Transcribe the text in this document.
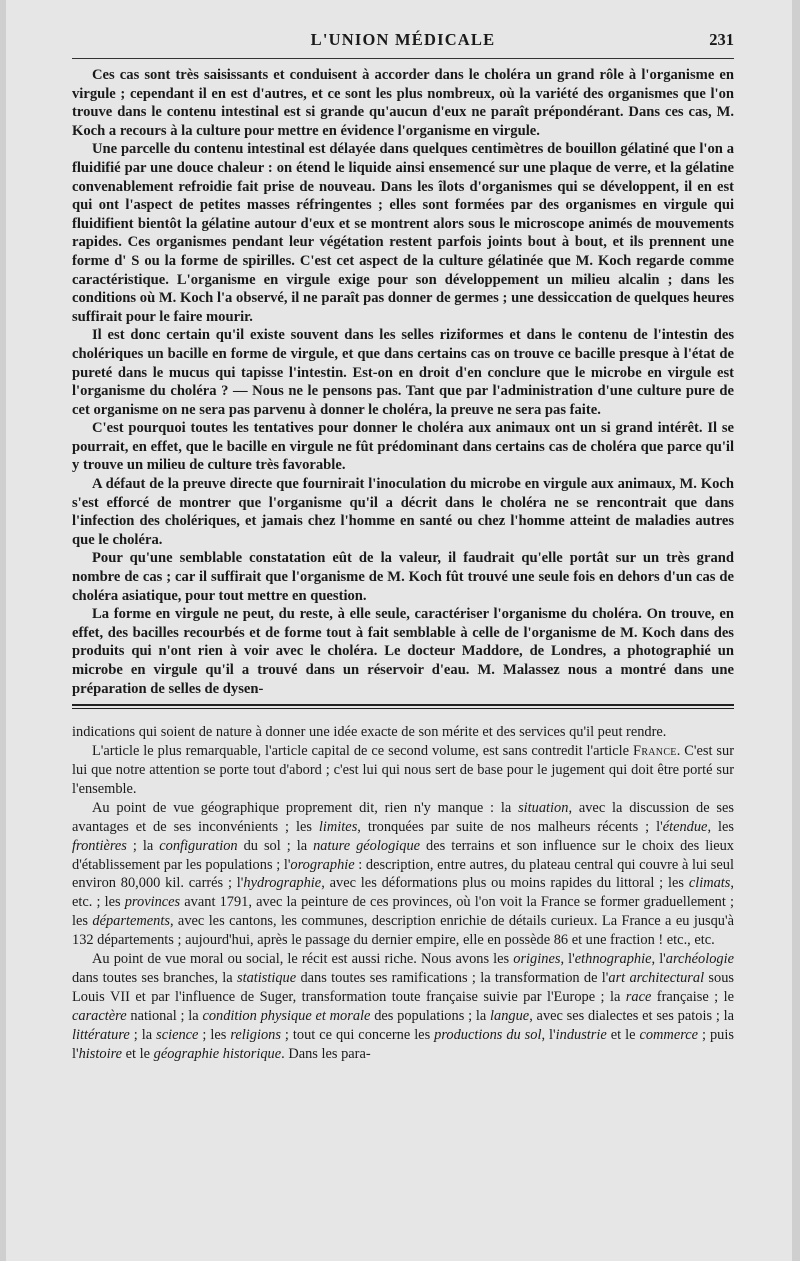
L'UNION MÉDICALE	231

Ces cas sont très saisissants et conduisent à accorder dans le choléra un grand rôle à l'organisme en virgule ; cependant il en est d'autres, et ce sont les plus nombreux, où la variété des organismes que l'on trouve dans le contenu intestinal est si grande qu'aucun d'eux ne paraît prépondérant. Dans ces cas, M. Koch a recours à la culture pour mettre en évidence l'organisme en virgule.

Une parcelle du contenu intestinal est délayée dans quelques centimètres de bouillon gélatiné que l'on a fluidifié par une douce chaleur : on étend le liquide ainsi ensemencé sur une plaque de verre, et la gélatine convenablement refroidie fait prise de nouveau. Dans les îlots d'organismes qui se développent, il en est qui ont l'aspect de petites masses réfringentes ; elles sont formées par des organismes en virgule qui fluidifient bientôt la gélatine autour d'eux et se montrent alors sous le microscope animés de mouvements rapides. Ces organismes pendant leur végétation restent parfois joints bout à bout, et ils prennent une forme d' S ou la forme de spirilles. C'est cet aspect de la culture gélatinée que M. Koch regarde comme caractéristique. L'organisme en virgule exige pour son développement un milieu alcalin ; dans les conditions où M. Koch l'a observé, il ne paraît pas donner de germes ; une dessiccation de quelques heures suffirait pour le faire mourir.

Il est donc certain qu'il existe souvent dans les selles riziformes et dans le contenu de l'intestin des cholériques un bacille en forme de virgule, et que dans certains cas on trouve ce bacille presque à l'état de pureté dans le mucus qui tapisse l'intestin. Est-on en droit d'en conclure que le microbe en virgule est l'organisme du choléra ? — Nous ne le pensons pas. Tant que par l'administration d'une culture pure de cet organisme on ne sera pas parvenu à donner le choléra, la preuve ne sera pas faite.

C'est pourquoi toutes les tentatives pour donner le choléra aux animaux ont un si grand intérêt. Il se pourrait, en effet, que le bacille en virgule ne fût prédominant dans certains cas de choléra que parce qu'il y trouve un milieu de culture très favorable.

A défaut de la preuve directe que fournirait l'inoculation du microbe en virgule aux animaux, M. Koch s'est efforcé de montrer que l'organisme qu'il a décrit dans le choléra ne se rencontrait que dans l'infection des cholériques, et jamais chez l'homme en santé ou chez l'homme atteint de maladies autres que le choléra.

Pour qu'une semblable constatation eût de la valeur, il faudrait qu'elle portât sur un très grand nombre de cas ; car il suffirait que l'organisme de M. Koch fût trouvé une seule fois en dehors d'un cas de choléra asiatique, pour tout mettre en question.

La forme en virgule ne peut, du reste, à elle seule, caractériser l'organisme du choléra. On trouve, en effet, des bacilles recourbés et de forme tout à fait semblable à celle de l'organisme de M. Koch dans des produits qui n'ont rien à voir avec le choléra. Le docteur Maddore, de Londres, a photographié un microbe en virgule qu'il a trouvé dans un réservoir d'eau. M. Malassez nous a montré dans une préparation de selles de dysen-

indications qui soient de nature à donner une idée exacte de son mérite et des services qu'il peut rendre.

L'article le plus remarquable, l'article capital de ce second volume, est sans contredit l'article France. C'est sur lui que notre attention se porte tout d'abord ; c'est lui qui nous sert de base pour le jugement qui doit être porté sur l'ensemble.

Au point de vue géographique proprement dit, rien n'y manque : la situation, avec la discussion de ses avantages et de ses inconvénients ; les limites, tronquées par suite de nos malheurs récents ; l'étendue, les frontières ; la configuration du sol ; la nature géologique des terrains et son influence sur le choix des lieux d'établissement par les populations ; l'orographie : description, entre autres, du plateau central qui couvre à lui seul environ 80,000 kil. carrés ; l'hydrographie, avec les déformations plus ou moins rapides du littoral ; les climats, etc. ; les provinces avant 1791, avec la peinture de ces provinces, où l'on voit la France se former graduellement ; les départements, avec les cantons, les communes, description enrichie de détails curieux. La France a eu jusqu'à 132 départements ; aujourd'hui, après le passage du dernier empire, elle en possède 86 et une fraction ! etc., etc.

Au point de vue moral ou social, le récit est aussi riche. Nous avons les origines, l'ethnographie, l'archéologie dans toutes ses branches, la statistique dans toutes ses ramifications ; la transformation de l'art architectural sous Louis VII et par l'influence de Suger, transformation toute française suivie par l'Europe ; la race française ; le caractère national ; la condition physique et morale des populations ; la langue, avec ses dialectes et ses patois ; la littérature ; la science ; les religions ; tout ce qui concerne les productions du sol, l'industrie et le commerce ; puis l'histoire et le géographie historique. Dans les para-
